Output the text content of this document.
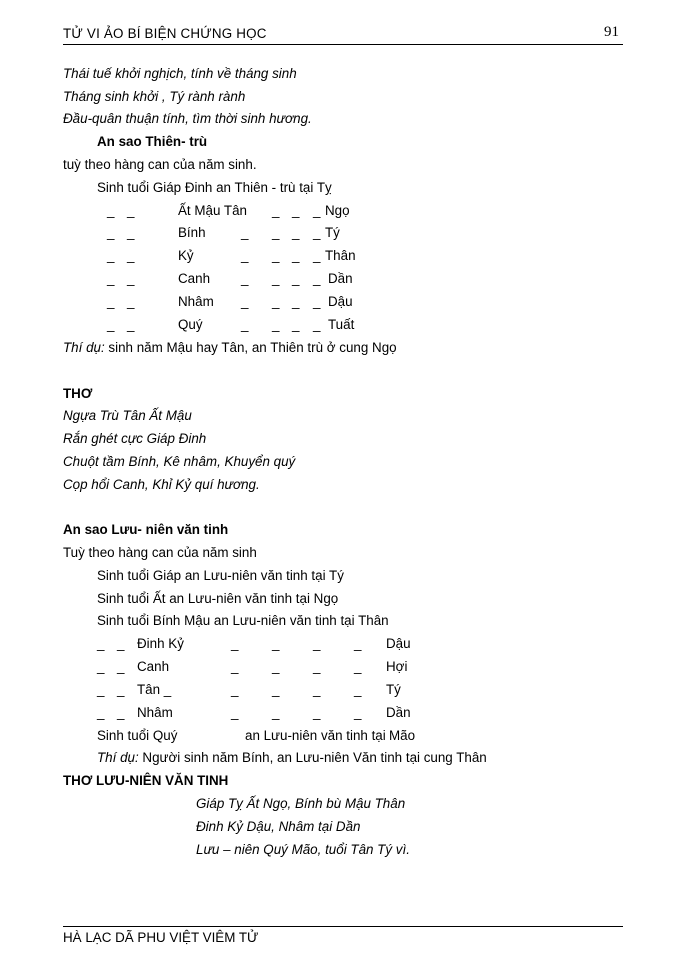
TỬ VI ẢO BÍ BIỆN CHỨNG HỌC	91
Thái tuế khởi nghịch, tính về tháng sinh
Tháng sinh khởi , Tý rành rành
Đầu-quân thuận tính, tìm thời sinh hương.
An sao Thiên- trù
tuỳ theo hàng can của năm sinh.
Sinh tuổi Giáp Đinh an Thiên - trù tại Tỵ
_ _	Ất Mậu Tân _ _ _ Ngọ
_ _	Bính	_ _ _ _ Tý
_ _	Kỷ	_ _ _ _ Thân
_ _	Canh _ _ _ _ Dần
_ _	Nhâm _ _ _ _ Dậu
_ _	Quý	_ _ _ _ Tuất
Thí dụ: sinh năm Mậu hay Tân, an Thiên trù ở cung Ngọ
THƠ
Ngựa Trù Tân Ất Mậu
Rắn ghét cực Giáp Đinh
Chuột tầm Bính, Kê nhâm, Khuyển quý
Cọp hổi Canh, Khỉ Kỷ quí hương.
An sao Lưu- niên văn tinh
Tuỳ theo hàng can của năm sinh
Sinh tuổi Giáp an Lưu-niên văn tinh tại Tý
Sinh tuổi Ất an Lưu-niên văn tinh tại Ngọ
Sinh tuổi Bính Mậu an Lưu-niên văn tinh tại Thân
_ _ Đinh Kỷ	_	_	_	_ Dậu
_ _ Canh	_	_	_	_ Hợi
_ _ Tân _	_	_	_	_ Tý
_ _ Nhâm	_	_	_	_ Dần
Sinh tuổi Quý	an Lưu-niên văn tinh tại Mão
Thí dụ: Người sinh năm Bính, an Lưu-niên Văn tinh tại cung Thân
THƠ LƯU-NIÊN VĂN TINH
Giáp Tỵ Ất Ngọ, Bính bù Mậu Thân
Đinh Kỷ Dậu, Nhâm tại Dần
Lưu – niên Quý Mão, tuổi Tân Tý vì.
HÀ LẠC DÃ PHU VIỆT VIÊM TỬ
